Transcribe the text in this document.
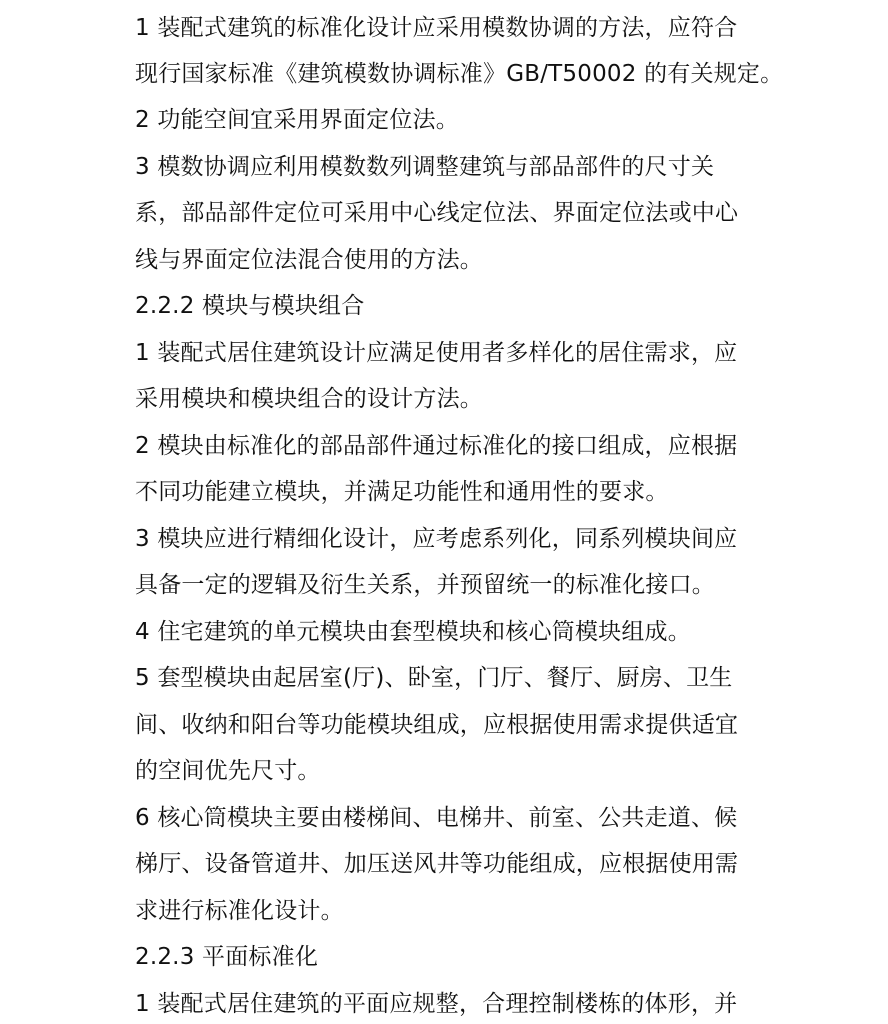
1 装配式建筑的标准化设计应采用模数协调的方法，应符合
现行国家标准《建筑模数协调标准》GB/T50002 的有关规定。
2 功能空间宜采用界面定位法。
3 模数协调应利用模数数列调整建筑与部品部件的尺寸关
系，部品部件定位可采用中心线定位法、界面定位法或中心
线与界面定位法混合使用的方法。
2.2.2 模块与模块组合
1 装配式居住建筑设计应满足使用者多样化的居住需求，应
采用模块和模块组合的设计方法。
2 模块由标准化的部品部件通过标准化的接口组成，应根据
不同功能建立模块，并满足功能性和通用性的要求。
3 模块应进行精细化设计，应考虑系列化，同系列模块间应
具备一定的逻辑及衍生关系，并预留统一的标准化接口。
4 住宅建筑的单元模块由套型模块和核心筒模块组成。
5 套型模块由起居室(厅)、卧室，门厅、餐厅、厨房、卫生
间、收纳和阳台等功能模块组成，应根据使用需求提供适宜
的空间优先尺寸。
6 核心筒模块主要由楼梯间、电梯井、前室、公共走道、候
梯厅、设备管道井、加压送风井等功能组成，应根据使用需
求进行标准化设计。
2.2.3 平面标准化
1 装配式居住建筑的平面应规整，合理控制楼栋的体形，并
